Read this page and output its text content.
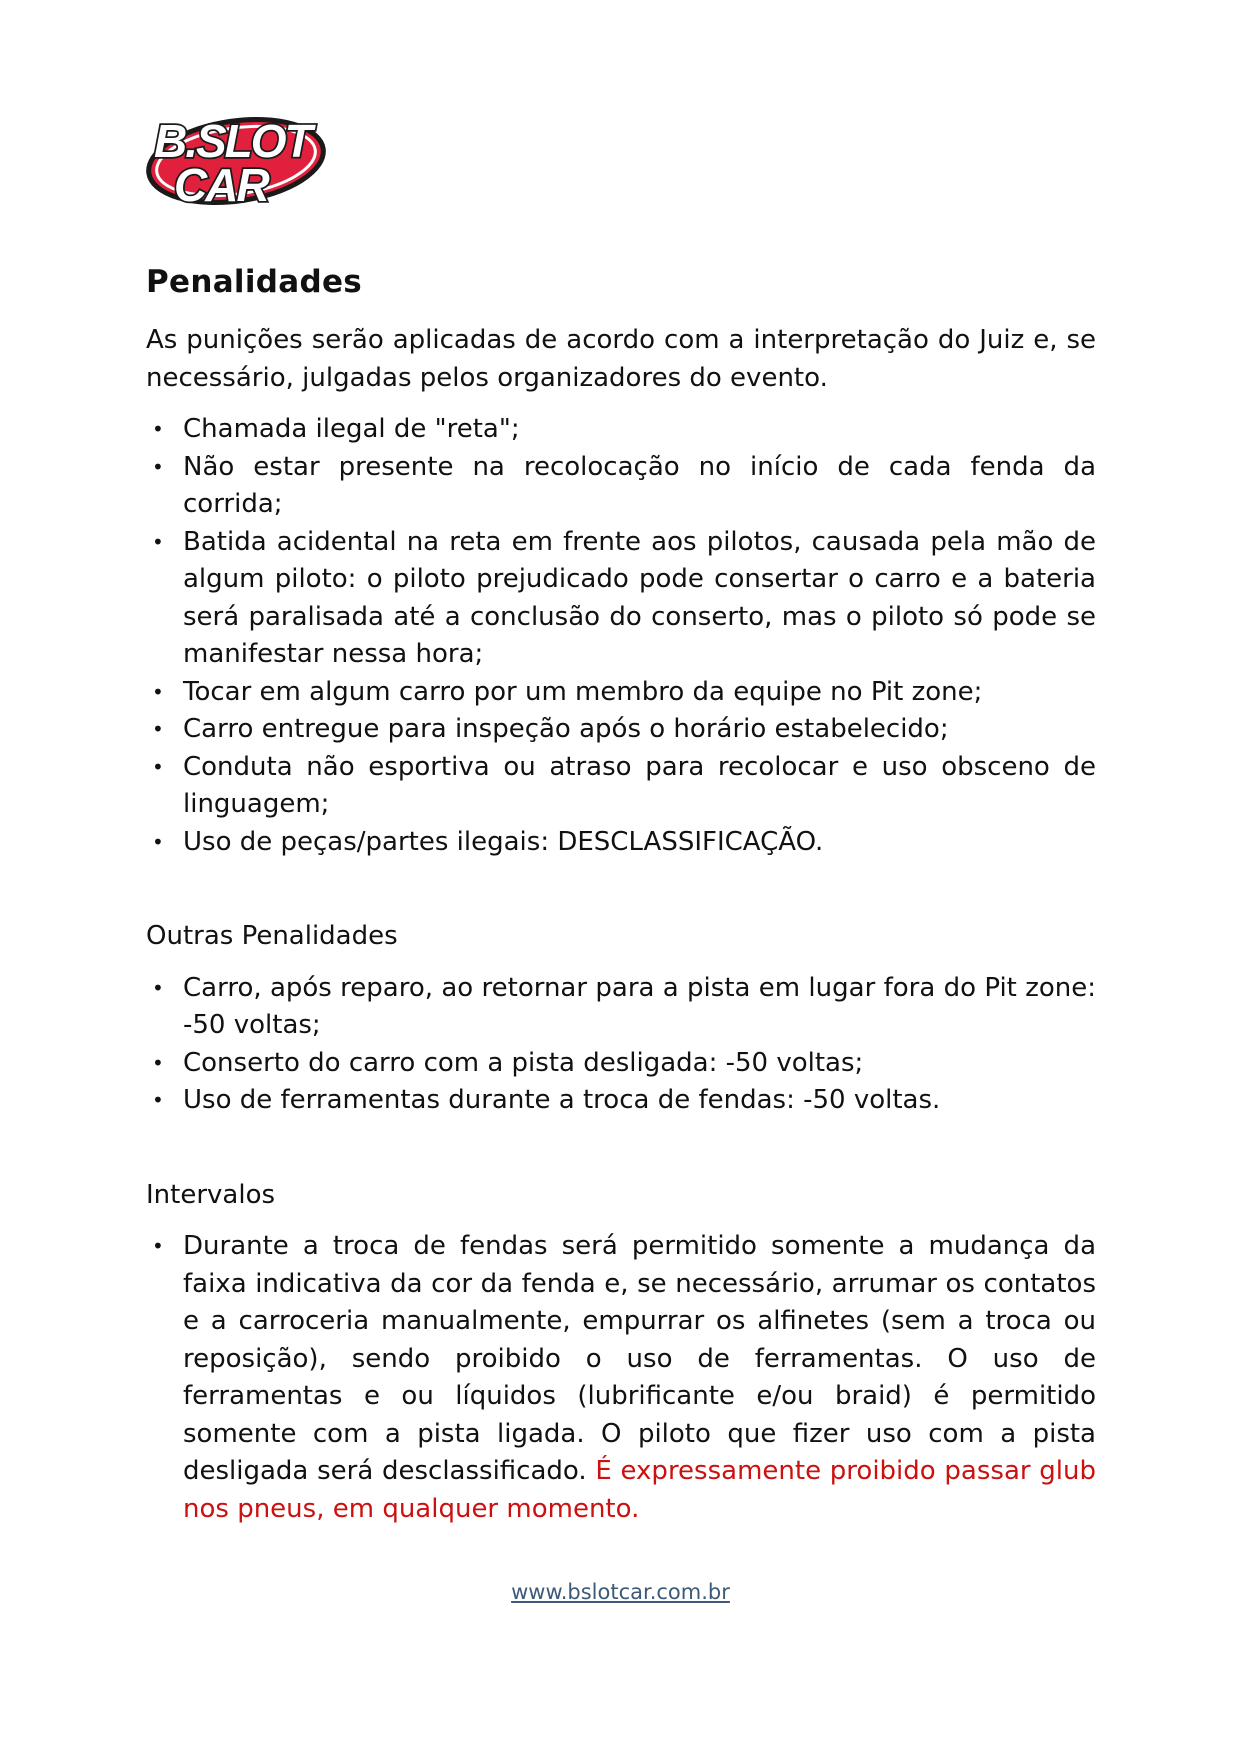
B.SLOT
CAR
Penalidades

As punições serão aplicadas de acordo com a interpretação do Juiz e, se necessário, julgadas pelos organizadores do evento.

• Chamada ilegal de "reta";
• Não estar presente na recolocação no início de cada fenda da corrida;
• Batida acidental na reta em frente aos pilotos, causada pela mão de algum piloto: o piloto prejudicado pode consertar o carro e a bateria será paralisada até a conclusão do conserto, mas o piloto só pode se manifestar nessa hora;
• Tocar em algum carro por um membro da equipe no Pit zone;
• Carro entregue para inspeção após o horário estabelecido;
• Conduta não esportiva ou atraso para recolocar e uso obsceno de linguagem;
• Uso de peças/partes ilegais: DESCLASSIFICAÇÃO.

Outras Penalidades

• Carro, após reparo, ao retornar para a pista em lugar fora do Pit zone: -50 voltas;
• Conserto do carro com a pista desligada: -50 voltas;
• Uso de ferramentas durante a troca de fendas: -50 voltas.

Intervalos

• Durante a troca de fendas será permitido somente a mudança da faixa indicativa da cor da fenda e, se necessário, arrumar os contatos e a carroceria manualmente, empurrar os alfinetes (sem a troca ou reposição), sendo proibido o uso de ferramentas. O uso de ferramentas e ou líquidos (lubrificante e/ou braid) é permitido somente com a pista ligada. O piloto que fizer uso com a pista desligada será desclassificado. É expressamente proibido passar glub nos pneus, em qualquer momento.
www.bslotcar.com.br
